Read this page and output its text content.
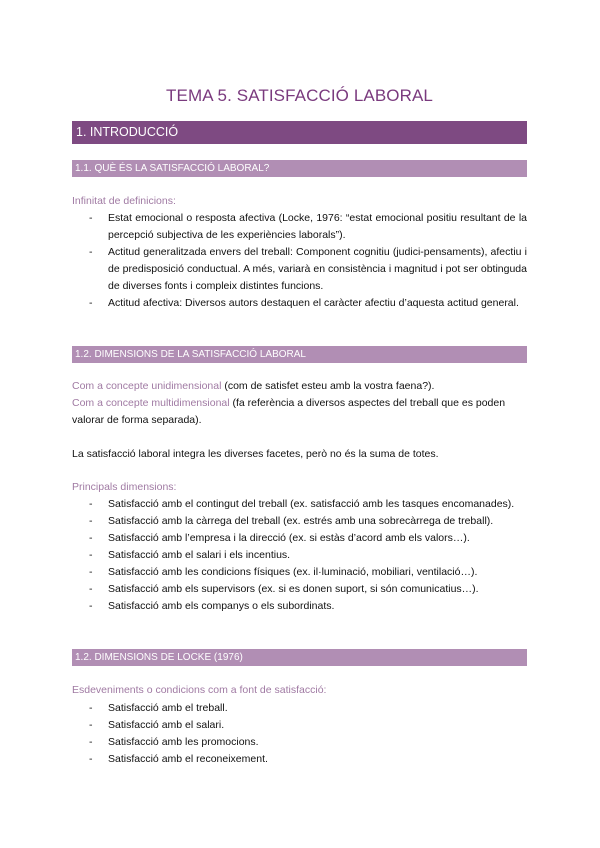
TEMA 5. SATISFACCIÓ LABORAL
1. INTRODUCCIÓ
1.1. QUÈ ÉS LA SATISFACCIÓ LABORAL?
Infinitat de definicions:
- Estat emocional o resposta afectiva (Locke, 1976: “estat emocional positiu resultant de la percepció subjectiva de les experiències laborals”).
- Actitud generalitzada envers del treball: Component cognitiu (judici-pensaments), afectiu i de predisposició conductual. A més, variarà en consistència i magnitud i pot ser obtinguda de diverses fonts i compleix distintes funcions.
- Actitud afectiva: Diversos autors destaquen el caràcter afectiu d’aquesta actitud general.
1.2. DIMENSIONS DE LA SATISFACCIÓ LABORAL
Com a concepte unidimensional (com de satisfet esteu amb la vostra faena?).
Com a concepte multidimensional (fa referència a diversos aspectes del treball que es poden valorar de forma separada).
La satisfacció laboral integra les diverses facetes, però no és la suma de totes.
Principals dimensions:
- Satisfacció amb el contingut del treball (ex. satisfacció amb les tasques encomanades).
- Satisfacció amb la càrrega del treball (ex. estrés amb una sobrecàrrega de treball).
- Satisfacció amb l’empresa i la direcció (ex. si estàs d’acord amb els valors…).
- Satisfacció amb el salari i els incentius.
- Satisfacció amb les condicions físiques (ex. il·luminació, mobiliari, ventilació…).
- Satisfacció amb els supervisors (ex. si es donen suport, si són comunicatius…).
- Satisfacció amb els companys o els subordinats.
1.2. DIMENSIONS DE LOCKE (1976)
Esdeveniments o condicions com a font de satisfacció:
- Satisfacció amb el treball.
- Satisfacció amb el salari.
- Satisfacció amb les promocions.
- Satisfacció amb el reconeixement.
